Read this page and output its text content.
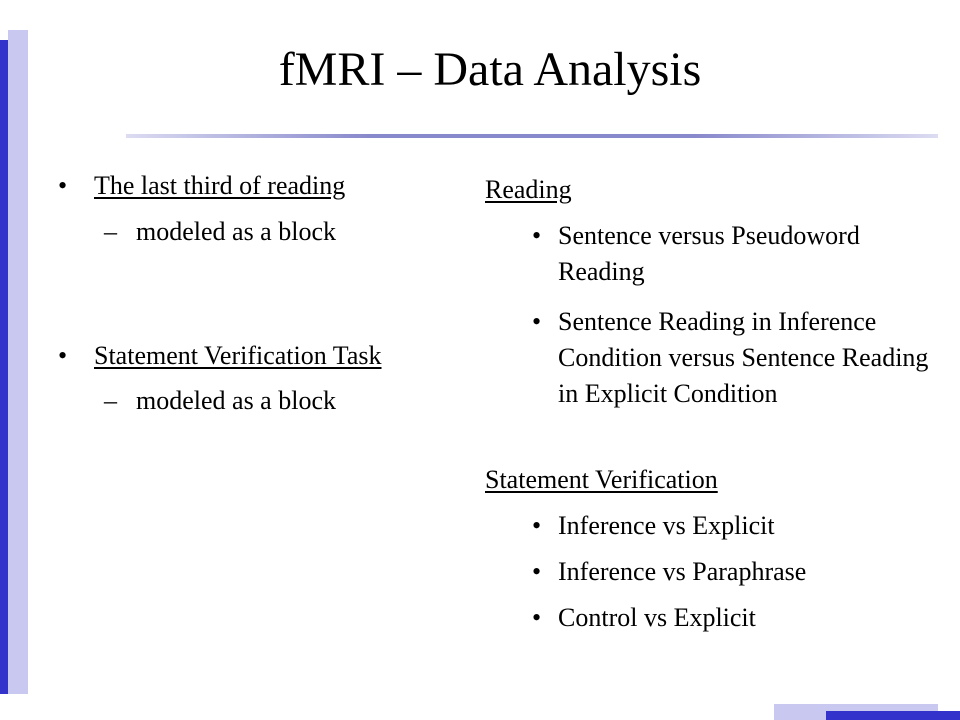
fMRI – Data Analysis
• The last third of reading
– modeled as a block
• Statement Verification Task
– modeled as a block
Reading
• Sentence versus Pseudoword Reading
• Sentence Reading in Inference Condition versus Sentence Reading in Explicit Condition
Statement Verification
• Inference vs Explicit
• Inference vs Paraphrase
• Control vs Explicit
